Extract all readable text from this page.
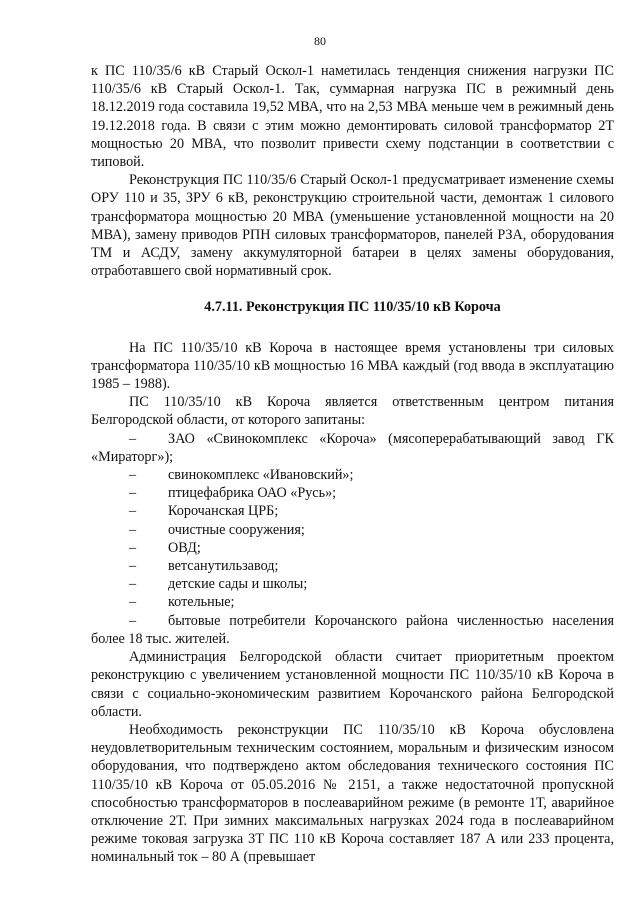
80

к ПС 110/35/6 кВ Старый Оскол-1 наметилась тенденция снижения нагрузки ПС 110/35/6 кВ Старый Оскол-1. Так, суммарная нагрузка ПС в режимный день 18.12.2019 года составила 19,52 МВА, что на 2,53 МВА меньше чем в режимный день 19.12.2018 года. В связи с этим можно демонтировать силовой трансформатор 2Т мощностью 20 МВА, что позволит привести схему подстанции в соответствии с типовой.

Реконструкция ПС 110/35/6 Старый Оскол-1 предусматривает изменение схемы ОРУ 110 и 35, ЗРУ 6 кВ, реконструкцию строительной части, демонтаж 1 силового трансформатора мощностью 20 МВА (уменьшение установленной мощности на 20 МВА), замену приводов РПН силовых трансформаторов, панелей РЗА, оборудования ТМ и АСДУ, замену аккумуляторной батареи в целях замены оборудования, отработавшего свой нормативный срок.

4.7.11. Реконструкция ПС 110/35/10 кВ Короча

На ПС 110/35/10 кВ Короча в настоящее время установлены три силовых трансформатора 110/35/10 кВ мощностью 16 МВА каждый (год ввода в эксплуатацию 1985 – 1988).

ПС 110/35/10 кВ Короча является ответственным центром питания Белгородской области, от которого запитаны:

–	ЗАО «Свинокомплекс «Короча» (мясоперерабатывающий завод ГК «Мираторг»);

–	свинокомплекс «Ивановский»;

–	птицефабрика ОАО «Русь»;

–	Корочанская ЦРБ;

–	очистные сооружения;

–	ОВД;

–	ветсанутильзавод;

–	детские сады и школы;

–	котельные;

–	бытовые потребители Корочанского района численностью населения более 18 тыс. жителей.

Администрация Белгородской области считает приоритетным проектом реконструкцию с увеличением установленной мощности ПС 110/35/10 кВ Короча в связи с социально-экономическим развитием Корочанского района Белгородской области.

Необходимость реконструкции ПС 110/35/10 кВ Короча обусловлена неудовлетворительным техническим состоянием, моральным и физическим износом оборудования, что подтверждено актом обследования технического состояния ПС 110/35/10 кВ Короча от 05.05.2016 № 2151, а также недостаточной пропускной способностью трансформаторов в послеаварийном режиме (в ремонте 1Т, аварийное отключение 2Т. При зимних максимальных нагрузках 2024 года в послеаварийном режиме токовая загрузка 3Т ПС 110 кВ Короча составляет 187 А или 233 процента, номинальный ток – 80 А (превышает
